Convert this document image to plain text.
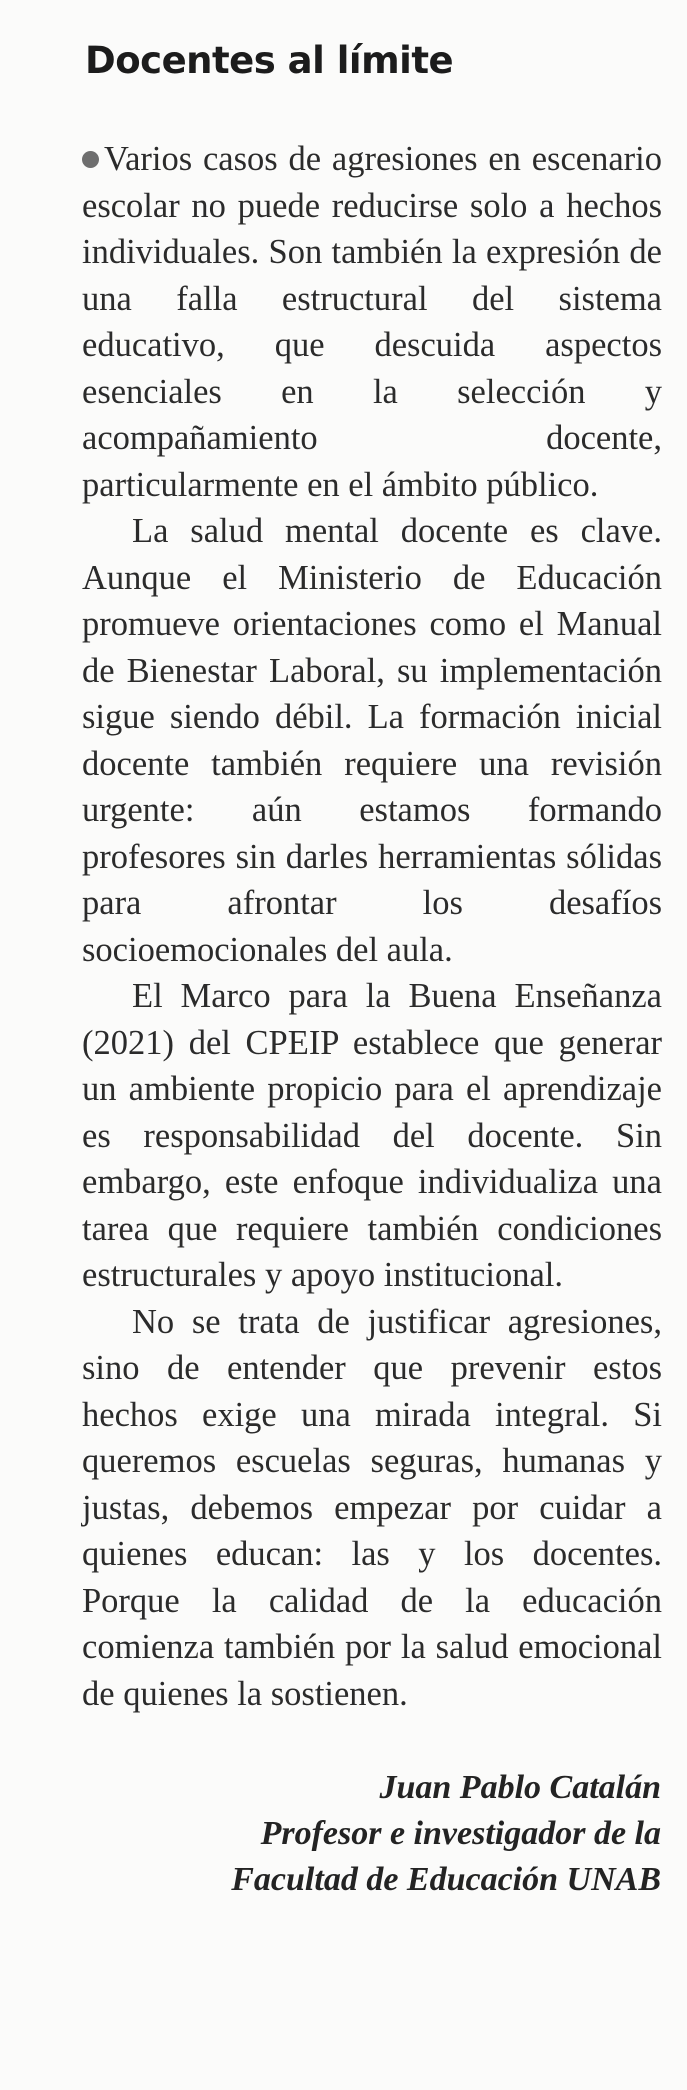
Docentes al límite

Varios casos de agresiones en escenario escolar no puede reducirse solo a hechos individuales. Son también la expresión de una falla estructural del sistema educativo, que descuida aspectos esenciales en la selección y acompañamiento docente, particularmente en el ámbito público.

La salud mental docente es clave. Aunque el Ministerio de Educación promueve orientaciones como el Manual de Bienestar Laboral, su implementación sigue siendo débil. La formación inicial docente también requiere una revisión urgente: aún estamos formando profesores sin darles herramientas sólidas para afrontar los desafíos socioemocionales del aula.

El Marco para la Buena Enseñanza (2021) del CPEIP establece que generar un ambiente propicio para el aprendizaje es responsabilidad del docente. Sin embargo, este enfoque individualiza una tarea que requiere también condiciones estructurales y apoyo institucional.

No se trata de justificar agresiones, sino de entender que prevenir estos hechos exige una mirada integral. Si queremos escuelas seguras, humanas y justas, debemos empezar por cuidar a quienes educan: las y los docentes. Porque la calidad de la educación comienza también por la salud emocional de quienes la sostienen.

Juan Pablo Catalán
Profesor e investigador de la
Facultad de Educación UNAB
